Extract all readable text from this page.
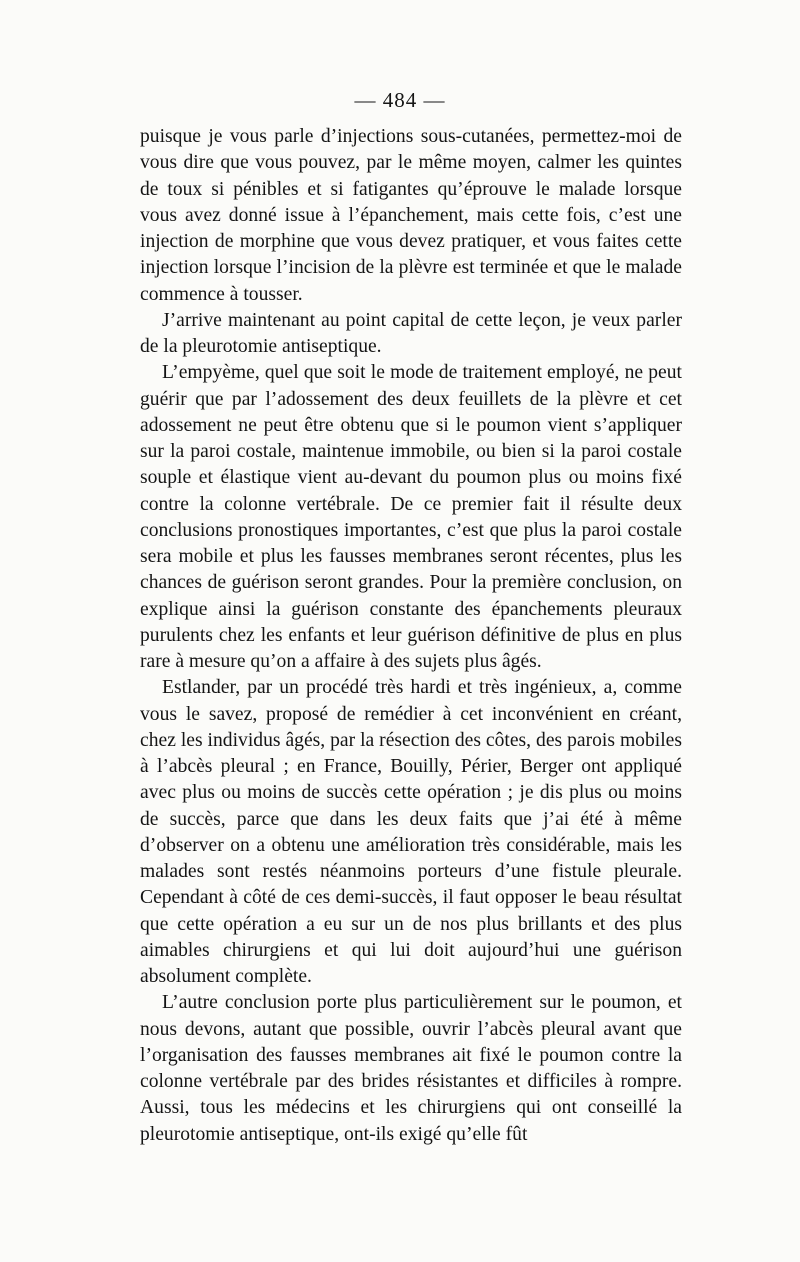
— 484 —

puisque je vous parle d’injections sous-cutanées, permettez-moi de vous dire que vous pouvez, par le même moyen, calmer les quintes de toux si pénibles et si fatigantes qu’éprouve le malade lorsque vous avez donné issue à l’épanchement, mais cette fois, c’est une injection de morphine que vous devez pratiquer, et vous faites cette injection lorsque l’incision de la plèvre est terminée et que le malade commence à tousser.

J’arrive maintenant au point capital de cette leçon, je veux parler de la pleurotomie antiseptique.

L’empyème, quel que soit le mode de traitement employé, ne peut guérir que par l’adossement des deux feuillets de la plèvre et cet adossement ne peut être obtenu que si le poumon vient s’appliquer sur la paroi costale, maintenue immobile, ou bien si la paroi costale souple et élastique vient au-devant du poumon plus ou moins fixé contre la colonne vertébrale. De ce premier fait il résulte deux conclusions pronostiques importantes, c’est que plus la paroi costale sera mobile et plus les fausses membranes seront récentes, plus les chances de guérison seront grandes. Pour la première conclusion, on explique ainsi la guérison constante des épanchements pleuraux purulents chez les enfants et leur guérison définitive de plus en plus rare à mesure qu’on a affaire à des sujets plus âgés.

Estlander, par un procédé très hardi et très ingénieux, a, comme vous le savez, proposé de remédier à cet inconvénient en créant, chez les individus âgés, par la résection des côtes, des parois mobiles à l’abcès pleural ; en France, Bouilly, Périer, Berger ont appliqué avec plus ou moins de succès cette opération ; je dis plus ou moins de succès, parce que dans les deux faits que j’ai été à même d’observer on a obtenu une amélioration très considérable, mais les malades sont restés néanmoins porteurs d’une fistule pleurale. Cependant à côté de ces demi-succès, il faut opposer le beau résultat que cette opération a eu sur un de nos plus brillants et des plus aimables chirurgiens et qui lui doit aujourd’hui une guérison absolument complète.

L’autre conclusion porte plus particulièrement sur le poumon, et nous devons, autant que possible, ouvrir l’abcès pleural avant que l’organisation des fausses membranes ait fixé le poumon contre la colonne vertébrale par des brides résistantes et difficiles à rompre. Aussi, tous les médecins et les chirurgiens qui ont conseillé la pleurotomie antiseptique, ont-ils exigé qu’elle fût
